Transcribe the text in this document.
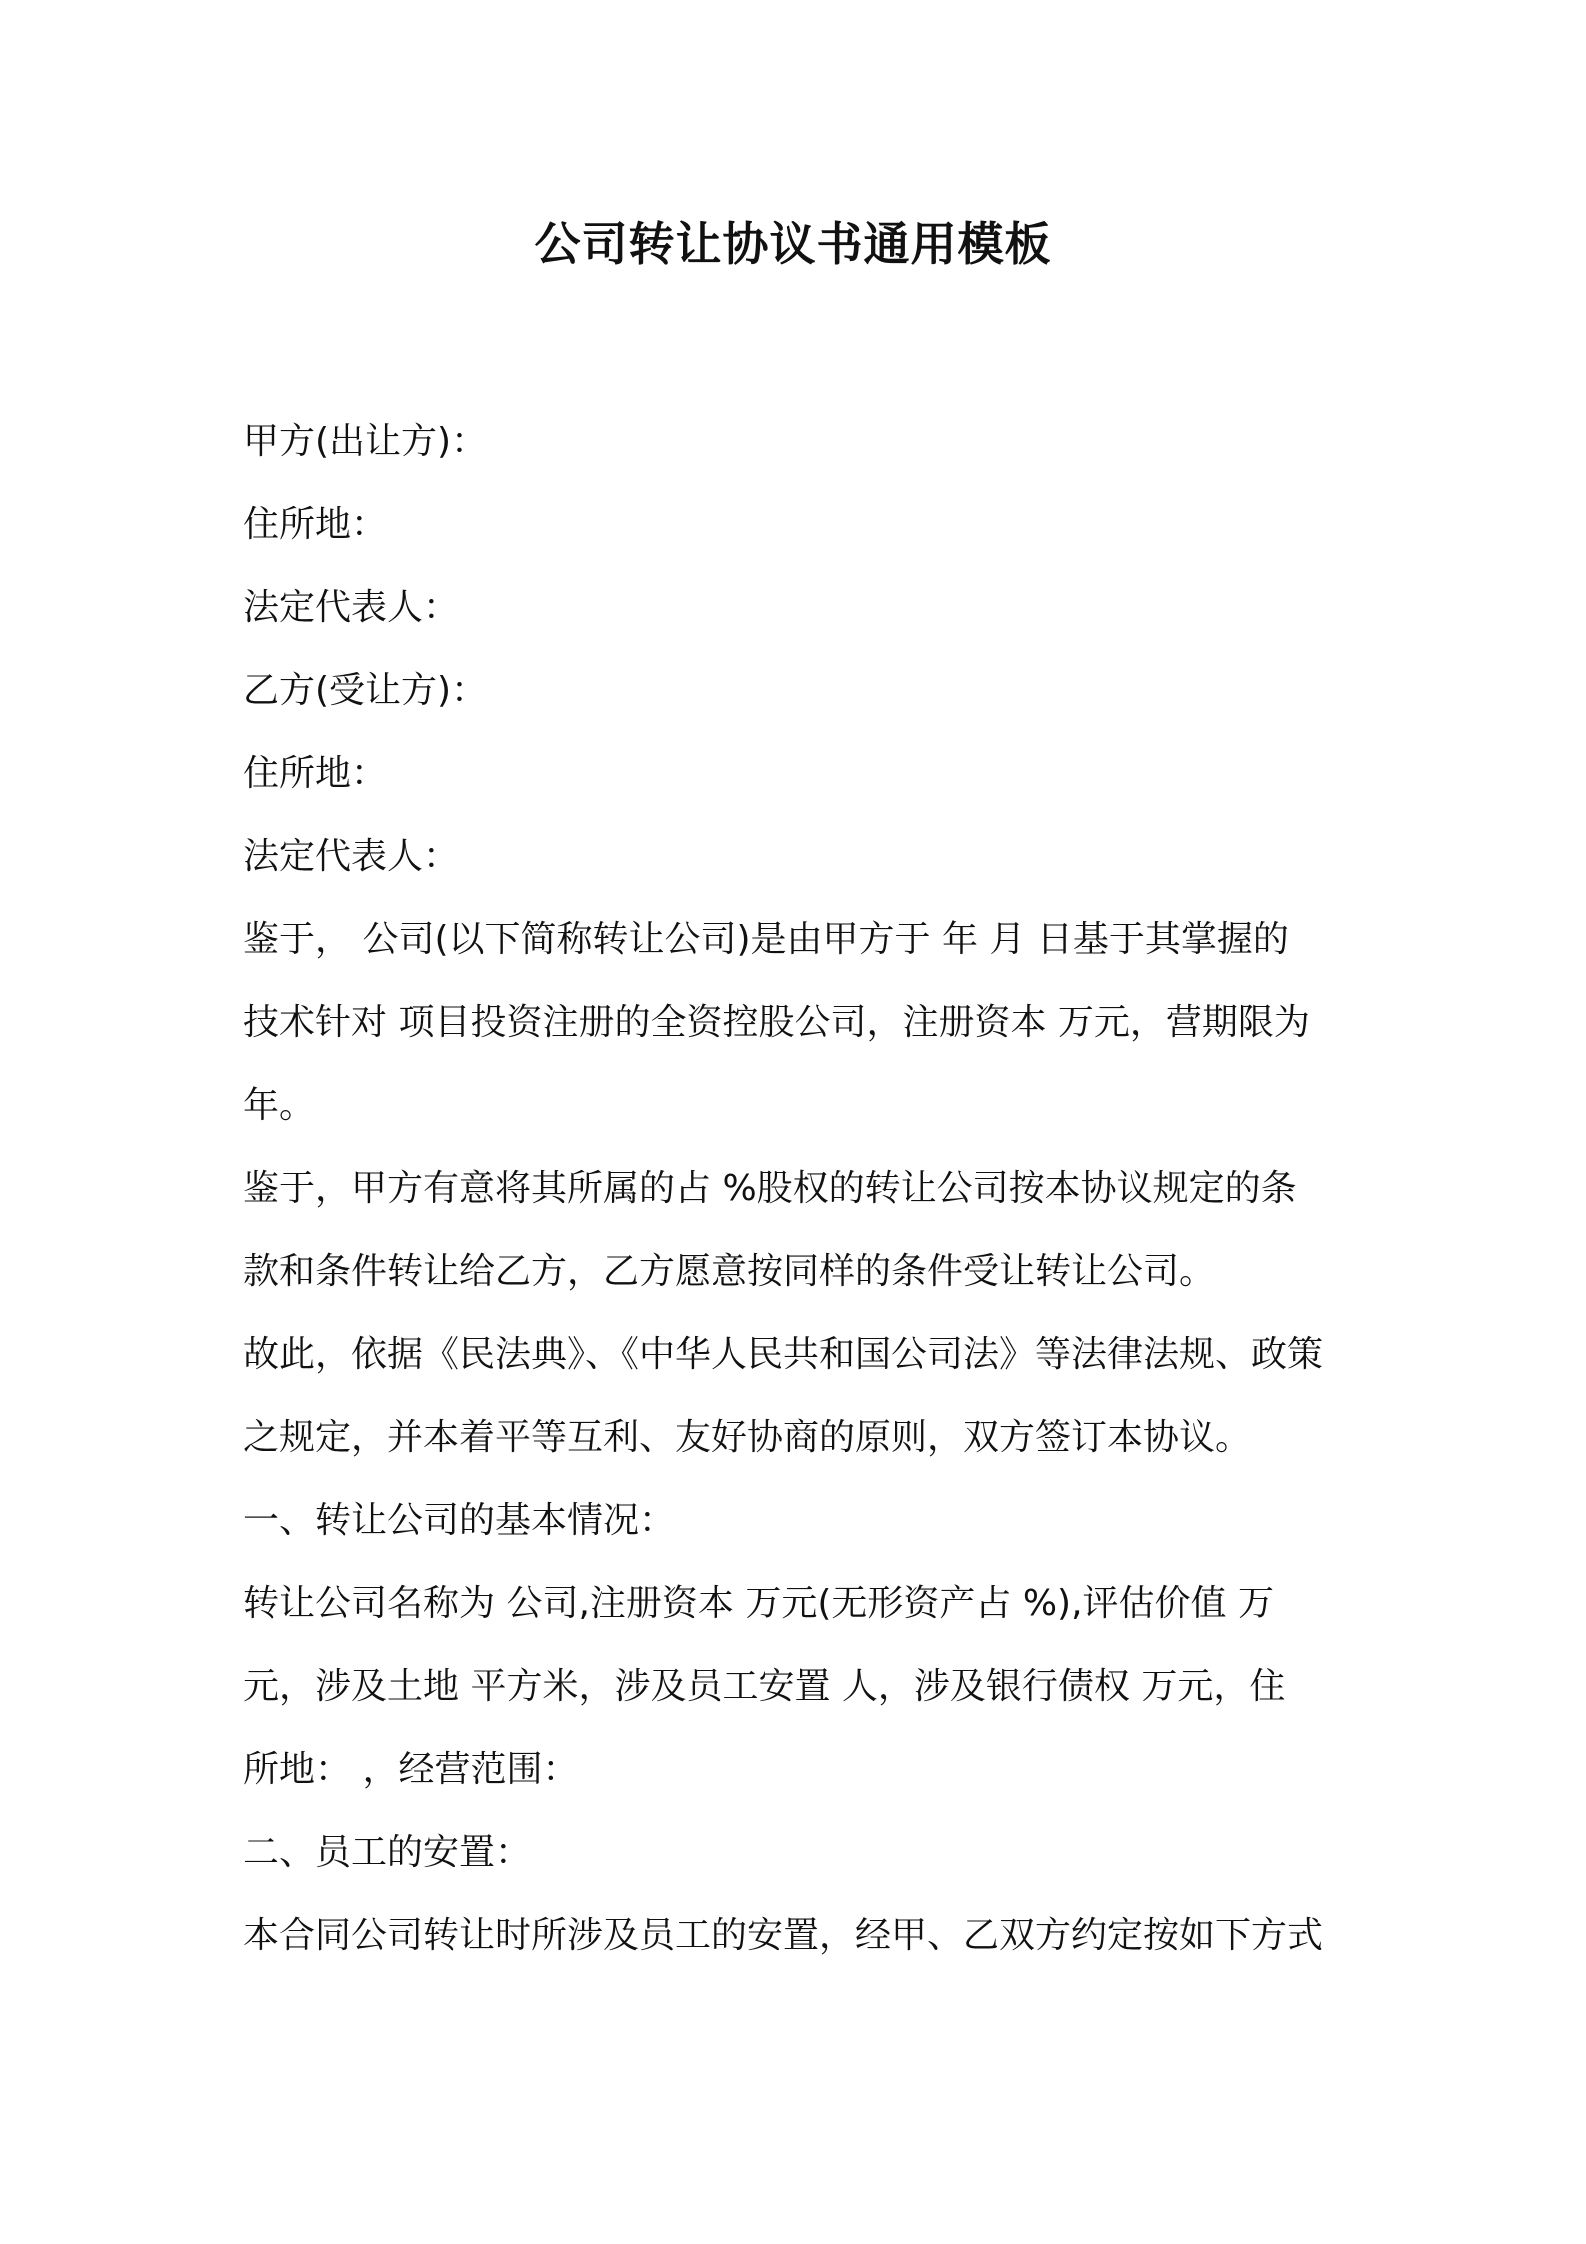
公司转让协议书通用模板
甲方(出让方)：
住所地：
法定代表人：
乙方(受让方)：
住所地：
法定代表人：
鉴于， 公司(以下简称转让公司)是由甲方于 年 月 日基于其掌握的
技术针对 项目投资注册的全资控股公司，注册资本 万元，营期限为
年。
鉴于，甲方有意将其所属的占 %股权的转让公司按本协议规定的条
款和条件转让给乙方，乙方愿意按同样的条件受让转让公司。
故此，依据《民法典》、《中华人民共和国公司法》等法律法规、政策
之规定，并本着平等互利、友好协商的原则，双方签订本协议。
一、转让公司的基本情况：
转让公司名称为 公司,注册资本 万元(无形资产占 %),评估价值 万
元，涉及土地 平方米，涉及员工安置 人，涉及银行债权 万元，住
所地： ，经营范围：
二、员工的安置：
本合同公司转让时所涉及员工的安置，经甲、乙双方约定按如下方式
